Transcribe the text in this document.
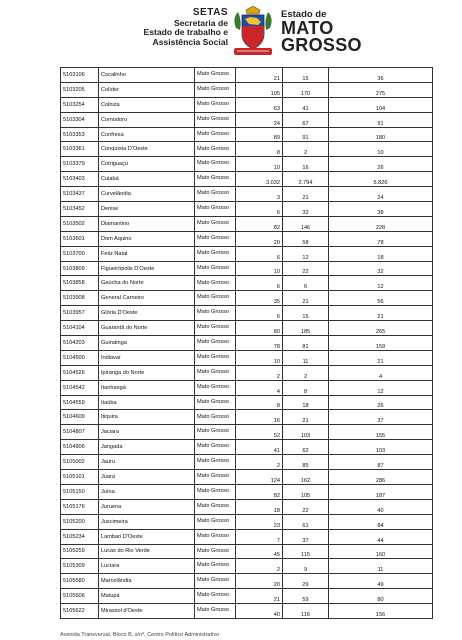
SETAS
Secretaria de
Estado de trabalho e
Assistência Social
Estado de
MATO
GROSSO
5103106	Cocalinho	Mato Grosso	21	15	36
5103205	Colíder	Mato Grosso	105	170	275
5103254	Colniza	Mato Grosso	63	41	104
5103304	Comodoro	Mato Grosso	24	67	91
5103353	Confresa	Mato Grosso	89	91	180
5103361	Conquista D'Oeste	Mato Grosso	8	2	10
5103379	Cotriguaçu	Mato Grosso	10	16	26
5103403	Cuiabá	Mato Grosso	3.032	2.794	5.826
5103437	Curvelândia	Mato Grosso	3	21	24
5103452	Denise	Mato Grosso	6	32	38
5103502	Diamantino	Mato Grosso	82	146	228
5103601	Dom Aquino	Mato Grosso	20	58	78
5103700	Feliz Natal	Mato Grosso	6	12	18
5103809	Figueirópolis D'Oeste	Mato Grosso	10	22	32
5103858	Gaúcha do Norte	Mato Grosso	6	6	12
5103908	General Carneiro	Mato Grosso	35	21	56
5103957	Glória D'Oeste	Mato Grosso	6	15	21
5104104	Guarantã do Norte	Mato Grosso	80	185	265
5104203	Guiratinga	Mato Grosso	78	81	159
5104500	Indiavaí	Mato Grosso	10	11	21
5104526	Ipiranga do Norte	Mato Grosso	2	2	4
5104542	Itanhangá	Mato Grosso	4	8	12
5104559	Itaúba	Mato Grosso	8	18	26
5104609	Itiquira	Mato Grosso	16	21	37
5104807	Jaciara	Mato Grosso	52	103	155
5104906	Jangada	Mato Grosso	41	62	103
5105002	Jauru	Mato Grosso	2	85	87
5105101	Juara	Mato Grosso	124	162	286
5105150	Juína	Mato Grosso	82	105	187
5105176	Juruena	Mato Grosso	18	22	40
5105200	Juscimeira	Mato Grosso	23	61	84
5105234	Lambari D'Oeste	Mato Grosso	7	37	44
5105259	Lucas do Rio Verde	Mato Grosso	45	115	160
5105309	Luciara	Mato Grosso	2	9	11
5105580	Marcelândia	Mato Grosso	20	29	49
5105606	Matupá	Mato Grosso	21	59	80
5105622	Mirassol d'Oeste	Mato Grosso	40	116	156
Avenida Transversal, Bloco B, s/nº, Centro Político Administrativo
